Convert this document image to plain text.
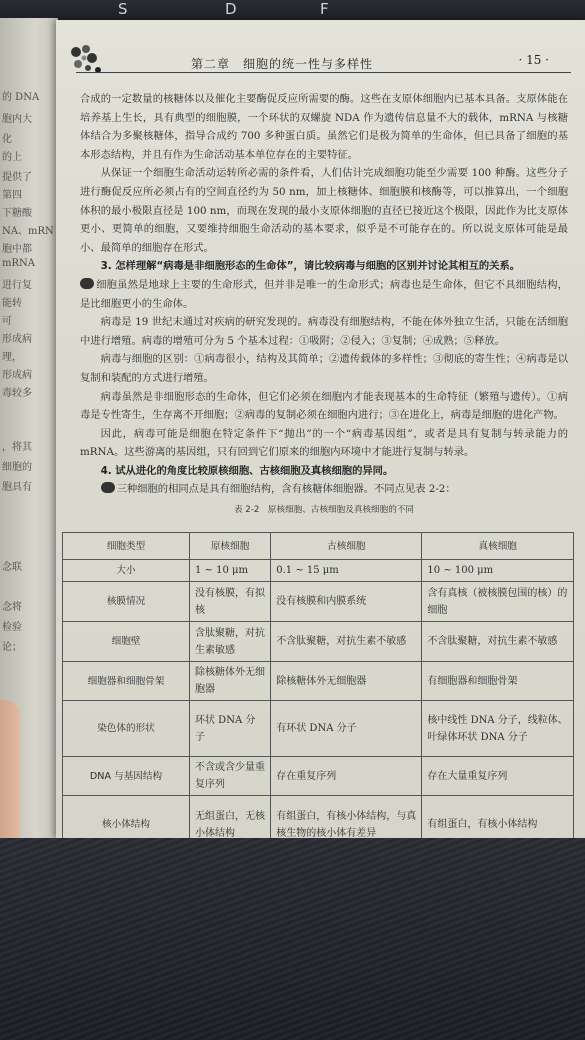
S	D	F
的 DNA
胞内大
化
的上
提供了
第四
下糖酸
NA、mRN
胞中都
mRNA
进行复
能转
可
形成病
理，
形成病
毒较多
，将其
细胞的
胞具有
念联
念将
检验
论；
第二章　细胞的统一性与多样性	· 15 ·

合成的一定数量的核糖体以及催化主要酶促反应所需要的酶。这些在支原体细胞内已基本具备。支原体能在培养基上生长，具有典型的细胞膜，一个环状的双螺旋 NDA 作为遗传信息量不大的载体，mRNA 与核糖体结合为多聚核糖体，指导合成约 700 多种蛋白质。虽然它们是极为简单的生命体，但已具备了细胞的基本形态结构，并且有作为生命活动基本单位存在的主要特征。

从保证一个细胞生命活动运转所必需的条件看，人们估计完成细胞功能至少需要 100 种酶。这些分子进行酶促反应所必须占有的空间直径约为 50 nm，加上核糖体、细胞膜和核酶等，可以推算出，一个细胞体积的最小极限直径是 100 nm，而现在发现的最小支原体细胞的直径已接近这个极限，因此作为比支原体更小、更简单的细胞，又要维持细胞生命活动的基本要求，似乎是不可能存在的。所以说支原体可能是最小、最简单的细胞存在形式。

3. 怎样理解“病毒是非细胞形态的生命体”，请比较病毒与细胞的区别并讨论其相互的关系。

细胞虽然是地球上主要的生命形式，但并非是唯一的生命形式；病毒也是生命体，但它不具细胞结构，是比细胞更小的生命体。

病毒是 19 世纪末通过对疾病的研究发现的。病毒没有细胞结构，不能在体外独立生活，只能在活细胞中进行增殖。病毒的增殖可分为 5 个基本过程：①吸附；②侵入；③复制；④成熟；⑤释放。

病毒与细胞的区别：①病毒很小，结构及其简单；②遗传载体的多样性；③彻底的寄生性；④病毒是以复制和装配的方式进行增殖。

病毒虽然是非细胞形态的生命体，但它们必须在细胞内才能表现基本的生命特征（繁殖与遗传）。①病毒是专性寄生，生存离不开细胞；②病毒的复制必须在细胞内进行；③在进化上，病毒是细胞的进化产物。

因此，病毒可能是细胞在特定条件下“抛出”的一个“病毒基因组”，或者是具有复制与转录能力的 mRNA。这些游离的基因组，只有回到它们原来的细胞内环境中才能进行复制与转录。

4. 试从进化的角度比较原核细胞、古核细胞及真核细胞的异同。

三种细胞的相同点是具有细胞结构，含有核糖体细胞器。不同点见表 2-2：

表 2-2　原核细胞、古核细胞及真核细胞的不同
细胞类型	原核细胞	古核细胞	真核细胞
大小	1 ~ 10 μm	0.1 ~ 15 μm	10 ~ 100 μm
核膜情况	没有核膜，有拟核	没有核膜和内膜系统	含有真核（被核膜包围的核）的细胞
细胞壁	含肽聚糖，对抗生素敏感	不含肽聚糖，对抗生素不敏感	不含肽聚糖，对抗生素不敏感
细胞器和细胞骨架	除核糖体外无细胞器	除核糖体外无细胞器	有细胞器和细胞骨架
染色体的形状	环状 DNA 分子	有环状 DNA 分子	核中线性 DNA 分子，线粒体、叶绿体环状 DNA 分子
DNA 与基因结构	不含或含少量重复序列	存在重复序列	存在大量重复序列
核小体结构	无组蛋白，无核小体结构	有组蛋白，有核小体结构，与真核生物的核小体有差异	有组蛋白，有核小体结构
